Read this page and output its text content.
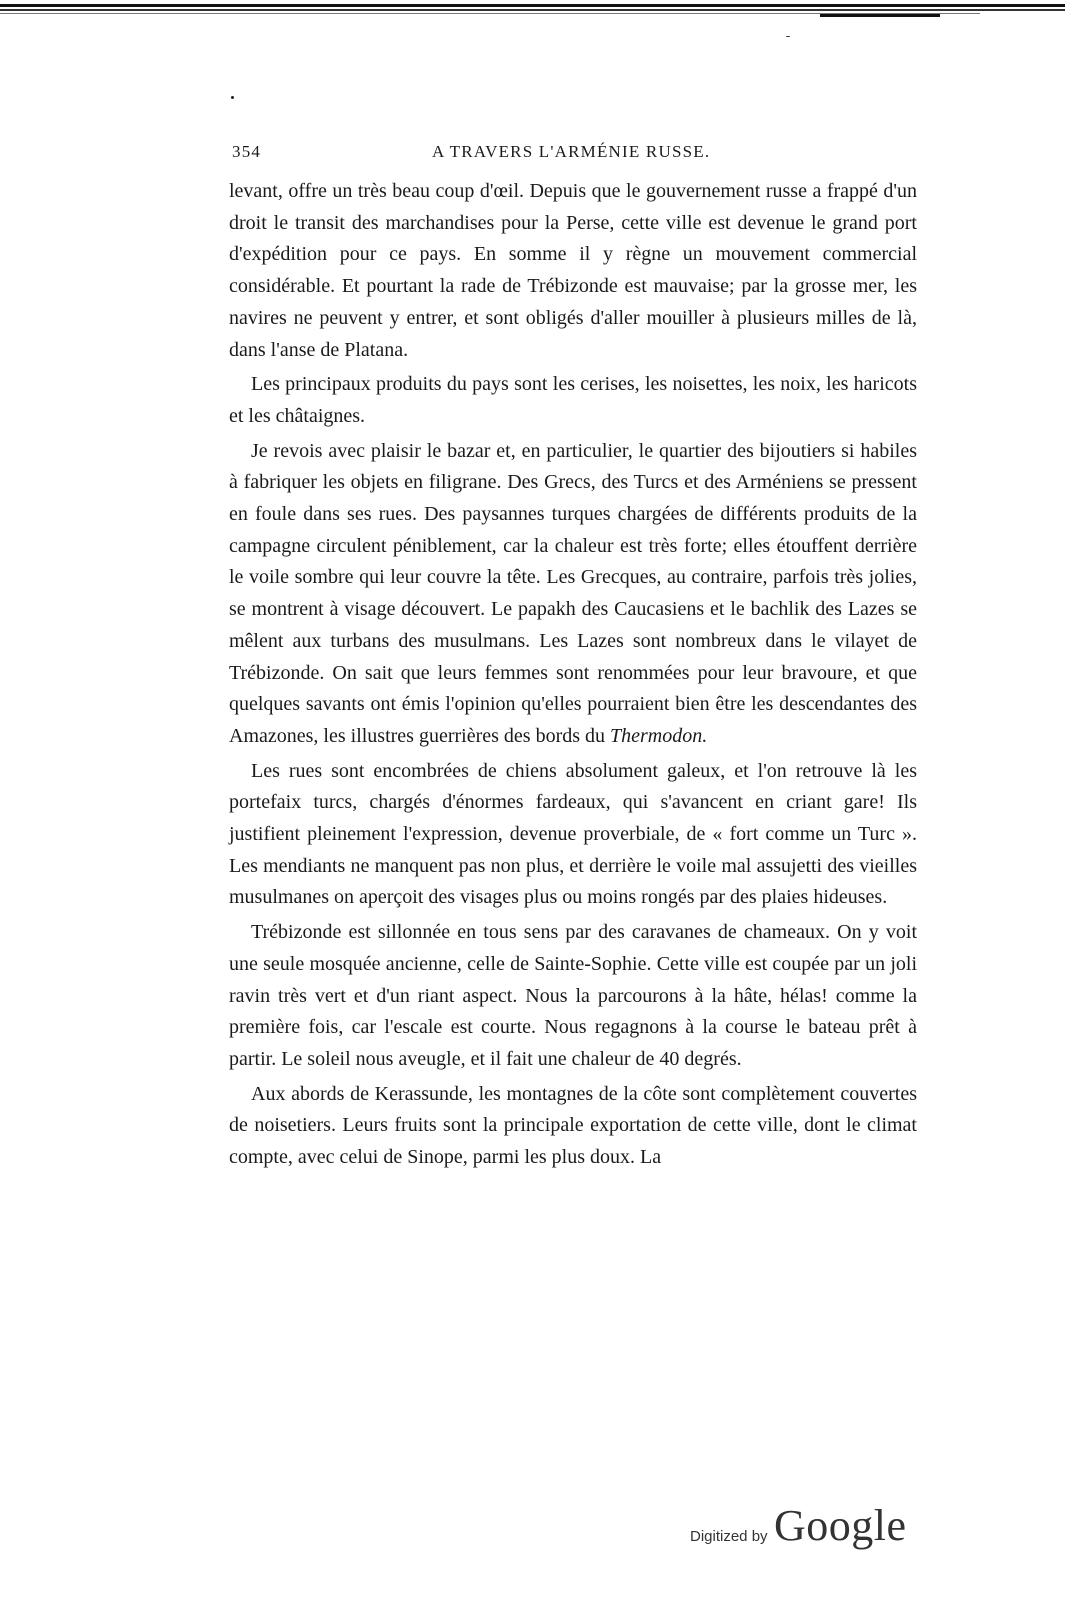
354	A TRAVERS L'ARMÉNIE RUSSE.

levant, offre un très beau coup d'œil. Depuis que le gouvernement russe a frappé d'un droit le transit des marchandises pour la Perse, cette ville est devenue le grand port d'expédition pour ce pays. En somme il y règne un mouvement commercial considérable. Et pourtant la rade de Trébizonde est mauvaise; par la grosse mer, les navires ne peuvent y entrer, et sont obligés d'aller mouiller à plusieurs milles de là, dans l'anse de Platana.

Les principaux produits du pays sont les cerises, les noisettes, les noix, les haricots et les châtaignes.

Je revois avec plaisir le bazar et, en particulier, le quartier des bijoutiers si habiles à fabriquer les objets en filigrane. Des Grecs, des Turcs et des Arméniens se pressent en foule dans ses rues. Des paysannes turques chargées de différents produits de la campagne circulent péniblement, car la chaleur est très forte; elles étouffent derrière le voile sombre qui leur couvre la tête. Les Grecques, au contraire, parfois très jolies, se montrent à visage découvert. Le papakh des Caucasiens et le bachlik des Lazes se mêlent aux turbans des musulmans. Les Lazes sont nombreux dans le vilayet de Trébizonde. On sait que leurs femmes sont renommées pour leur bravoure, et que quelques savants ont émis l'opinion qu'elles pourraient bien être les descendantes des Amazones, les illustres guerrières des bords du Thermodon.

Les rues sont encombrées de chiens absolument galeux, et l'on retrouve là les portefaix turcs, chargés d'énormes fardeaux, qui s'avancent en criant gare! Ils justifient pleinement l'expression, devenue proverbiale, de « fort comme un Turc ». Les mendiants ne manquent pas non plus, et derrière le voile mal assujetti des vieilles musulmanes on aperçoit des visages plus ou moins rongés par des plaies hideuses.

Trébizonde est sillonnée en tous sens par des caravanes de chameaux. On y voit une seule mosquée ancienne, celle de Sainte-Sophie. Cette ville est coupée par un joli ravin très vert et d'un riant aspect. Nous la parcourons à la hâte, hélas! comme la première fois, car l'escale est courte. Nous regagnons à la course le bateau prêt à partir. Le soleil nous aveugle, et il fait une chaleur de 40 degrés.

Aux abords de Kerassunde, les montagnes de la côte sont complètement couvertes de noisetiers. Leurs fruits sont la principale exportation de cette ville, dont le climat compte, avec celui de Sinope, parmi les plus doux. La

Digitized by Google
